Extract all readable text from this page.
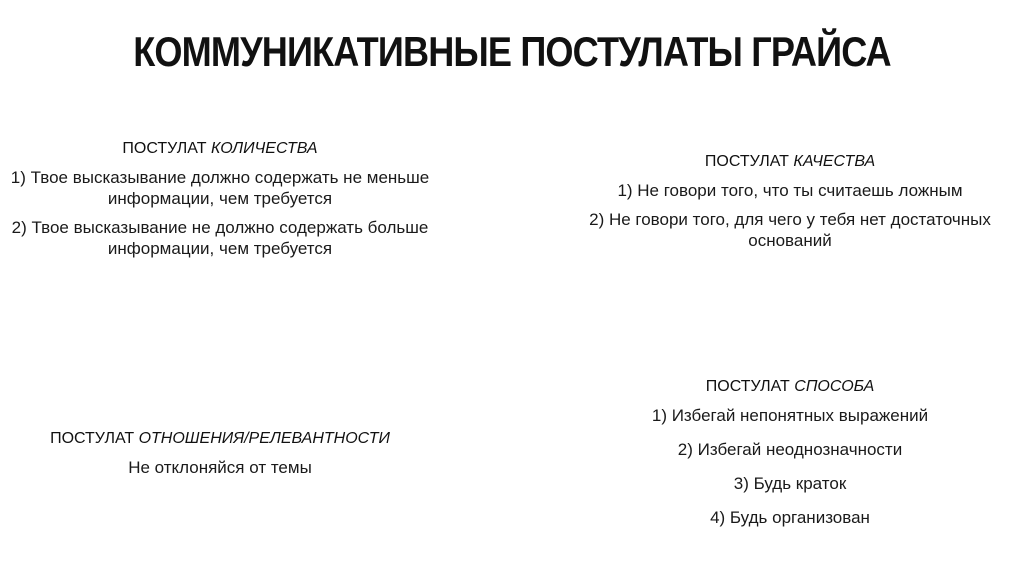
КОММУНИКАТИВНЫЕ ПОСТУЛАТЫ ГРАЙСА
ПОСТУЛАТ КОЛИЧЕСТВА

1) Твое высказывание должно содержать не меньше информации, чем требуется

2) Твое высказывание не должно содержать больше информации, чем требуется

ПОСТУЛАТ КАЧЕСТВА

1) Не говори того, что ты считаешь ложным

2) Не говори того, для чего у тебя нет достаточных оснований

ПОСТУЛАТ ОТНОШЕНИЯ/РЕЛЕВАНТНОСТИ

Не отклоняйся от темы

ПОСТУЛАТ СПОСОБА

1) Избегай непонятных выражений

2) Избегай неоднозначности

3) Будь краток

4) Будь организован
